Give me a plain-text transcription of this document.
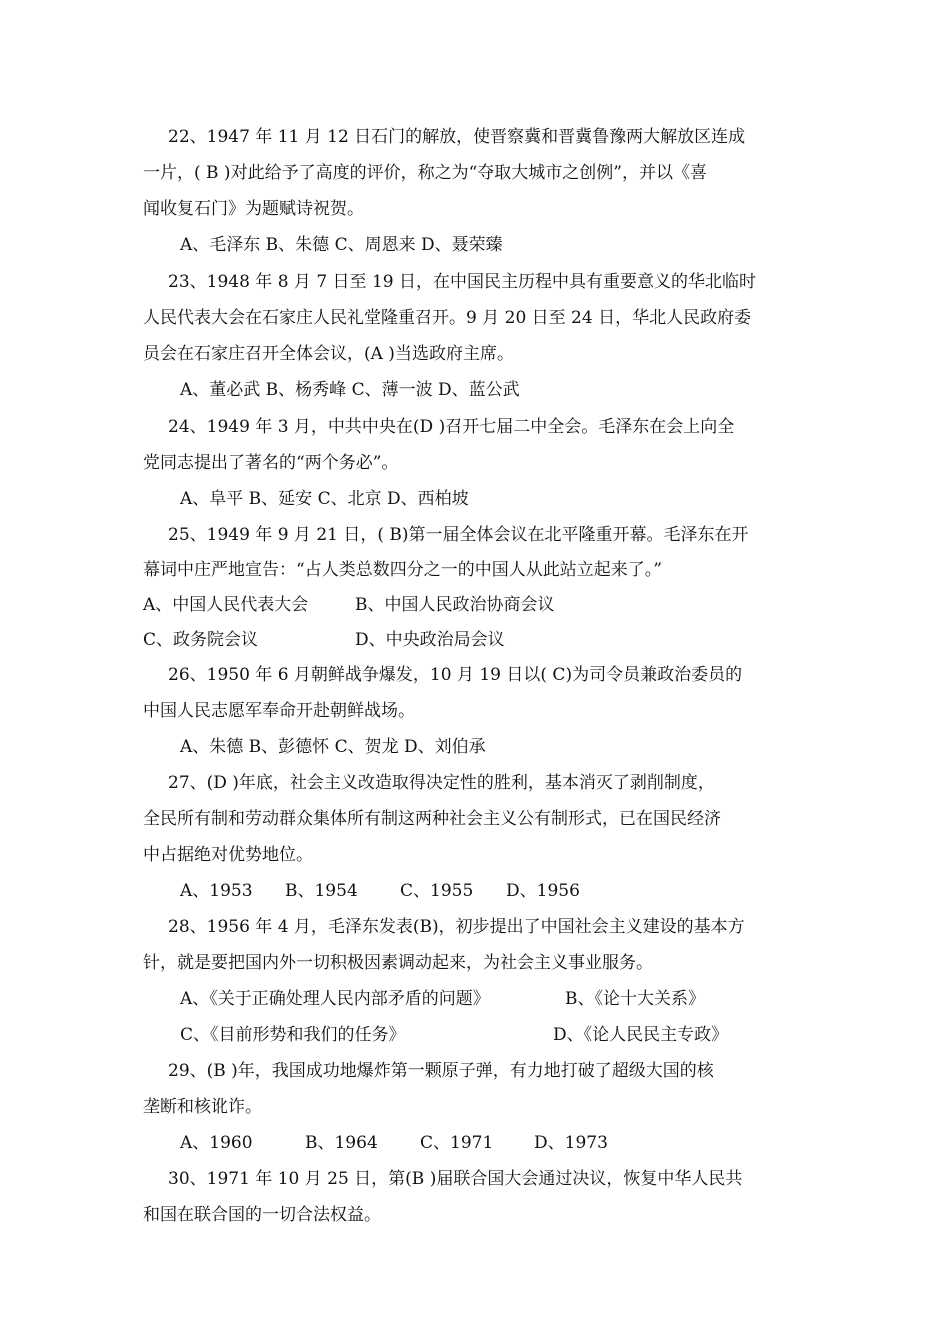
22、1947 年 11 月 12 日石门的解放，使晋察冀和晋冀鲁豫两大解放区连成
一片，( B )对此给予了高度的评价，称之为“夺取大城市之创例”，并以《喜
闻收复石门》为题赋诗祝贺。
A、毛泽东 B、朱德 C、周恩来 D、聂荣臻
23、1948 年 8 月 7 日至 19 日，在中国民主历程中具有重要意义的华北临时
人民代表大会在石家庄人民礼堂隆重召开。9 月 20 日至 24 日，华北人民政府委
员会在石家庄召开全体会议，(A )当选政府主席。
A、董必武 B、杨秀峰 C、薄一波 D、蓝公武
24、1949 年 3 月，中共中央在(D )召开七届二中全会。毛泽东在会上向全
党同志提出了著名的“两个务必”。
A、阜平 B、延安 C、北京 D、西柏坡
25、1949 年 9 月 21 日，( B)第一届全体会议在北平隆重开幕。毛泽东在开
幕词中庄严地宣告：“占人类总数四分之一的中国人从此站立起来了。”
A、中国人民代表大会	B、中国人民政治协商会议
C、政务院会议	D、中央政治局会议
26、1950 年 6 月朝鲜战争爆发，10 月 19 日以( C)为司令员兼政治委员的
中国人民志愿军奉命开赴朝鲜战场。
A、朱德 B、彭德怀 C、贺龙 D、刘伯承
27、(D )年底，社会主义改造取得决定性的胜利，基本消灭了剥削制度，
全民所有制和劳动群众集体所有制这两种社会主义公有制形式，已在国民经济
中占据绝对优势地位。
A、1953 B、1954 C、1955 D、1956
28、1956 年 4 月，毛泽东发表(B)，初步提出了中国社会主义建设的基本方
针，就是要把国内外一切积极因素调动起来，为社会主义事业服务。
A、《关于正确处理人民内部矛盾的问题》	B、《论十大关系》
C、《目前形势和我们的任务》	D、《论人民民主专政》
29、(B )年，我国成功地爆炸第一颗原子弹，有力地打破了超级大国的核
垄断和核讹诈。
A、1960	B、1964 C、1971 D、1973
30、1971 年 10 月 25 日，第(B )届联合国大会通过决议，恢复中华人民共
和国在联合国的一切合法权益。
